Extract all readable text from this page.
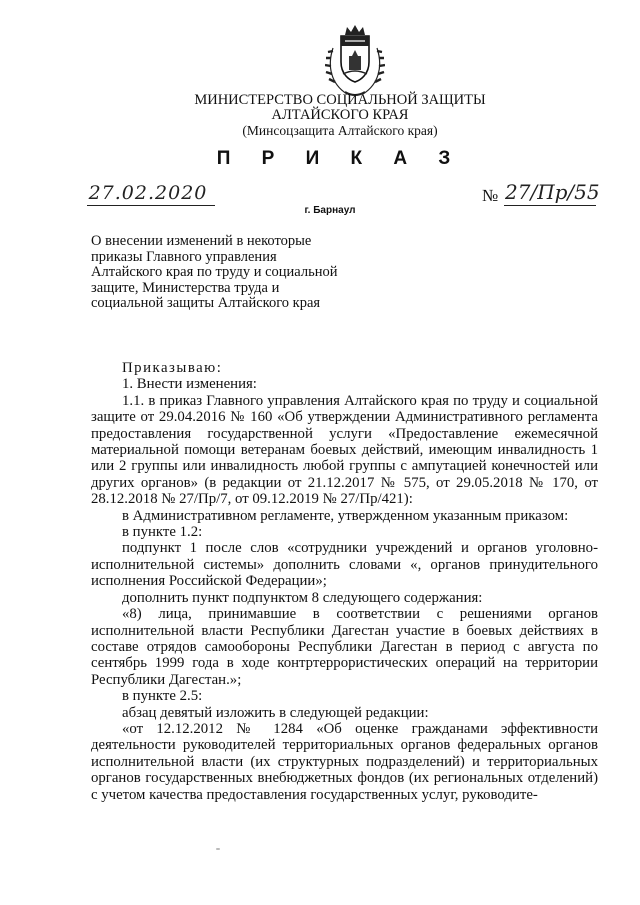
МИНИСТЕРСТВО СОЦИАЛЬНОЙ ЗАЩИТЫ
АЛТАЙСКОГО КРАЯ
(Минсоцзащита Алтайского края)
П Р И К А З
27.02.2020	№ 27/Пр/55
г. Барнаул
О внесении изменений в некоторые приказы Главного управления Алтайского края по труду и социальной защите, Министерства труда и социальной защиты Алтайского края

Приказываю:

1. Внести изменения:

1.1. в приказ Главного управления Алтайского края по труду и социальной защите от 29.04.2016 № 160 «Об утверждении Административного регламента предоставления государственной услуги «Предоставление ежемесячной материальной помощи ветеранам боевых действий, имеющим инвалидность 1 или 2 группы или инвалидность любой группы с ампутацией конечностей или других органов» (в редакции от 21.12.2017 № 575, от 29.05.2018 № 170, от 28.12.2018 № 27/Пр/7, от 09.12.2019 № 27/Пр/421):

в Административном регламенте, утвержденном указанным приказом:

в пункте 1.2:

подпункт 1 после слов «сотрудники учреждений и органов уголовно-исполнительной системы» дополнить словами «, органов принудительного исполнения Российской Федерации»;

дополнить пункт подпунктом 8 следующего содержания:

«8) лица, принимавшие в соответствии с решениями органов исполнительной власти Республики Дагестан участие в боевых действиях в составе отрядов самообороны Республики Дагестан в период с августа по сентябрь 1999 года в ходе контртеррористических операций на территории Республики Дагестан.»;

в пункте 2.5:

абзац девятый изложить в следующей редакции:

«от 12.12.2012 № 1284 «Об оценке гражданами эффективности деятельности руководителей территориальных органов федеральных органов исполнительной власти (их структурных подразделений) и территориальных органов государственных внебюджетных фондов (их региональных отделений) с учетом качества предоставления государственных услуг, руководите-
